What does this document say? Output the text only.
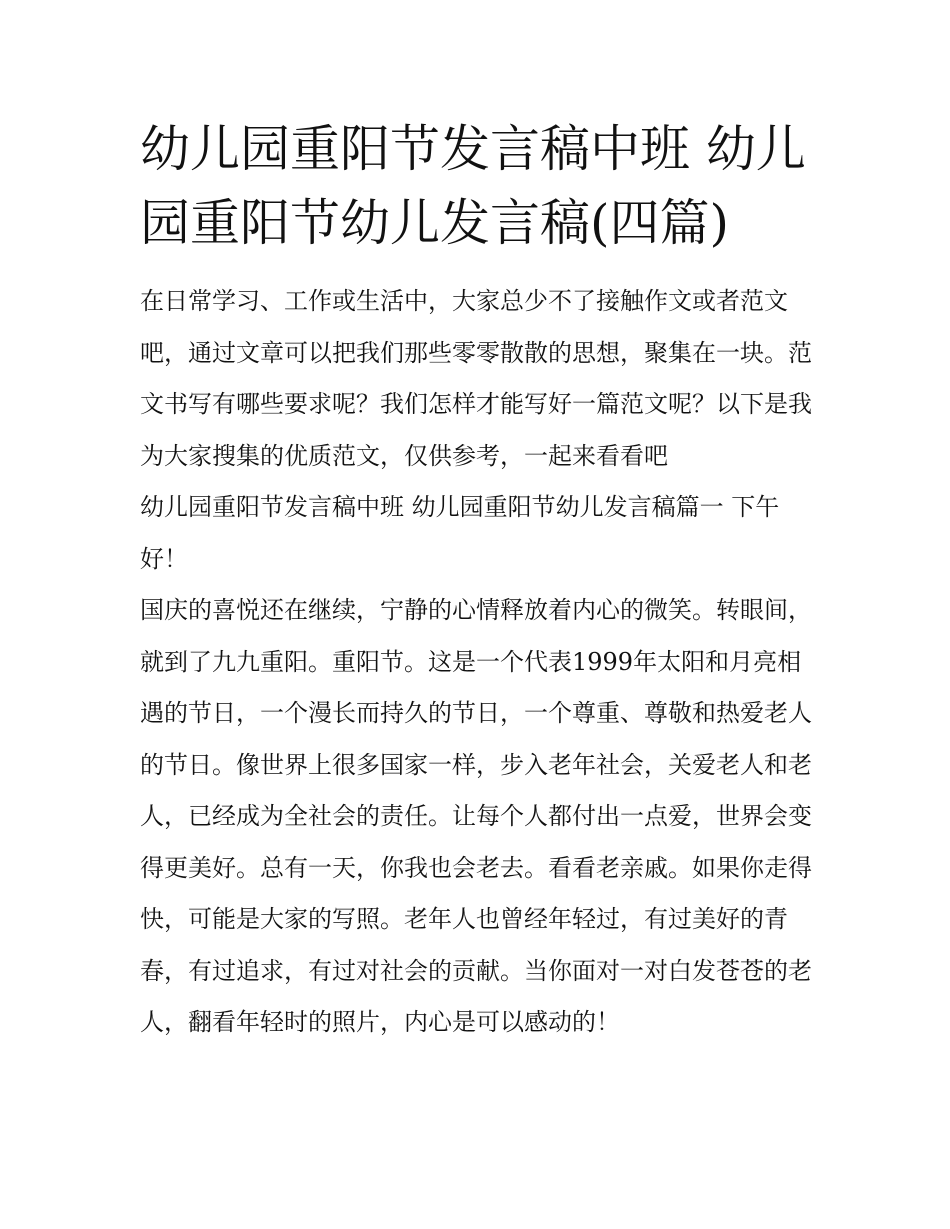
幼儿园重阳节发言稿中班 幼儿园重阳节幼儿发言稿(四篇)

在日常学习、工作或生活中，大家总少不了接触作文或者范文吧，通过文章可以把我们那些零零散散的思想，聚集在一块。范文书写有哪些要求呢？我们怎样才能写好一篇范文呢？以下是我为大家搜集的优质范文，仅供参考，一起来看看吧

幼儿园重阳节发言稿中班 幼儿园重阳节幼儿发言稿篇一 下午好！

国庆的喜悦还在继续，宁静的心情释放着内心的微笑。转眼间，就到了九九重阳。重阳节。这是一个代表1999年太阳和月亮相遇的节日，一个漫长而持久的节日，一个尊重、尊敬和热爱老人的节日。像世界上很多国家一样，步入老年社会，关爱老人和老人，已经成为全社会的责任。让每个人都付出一点爱，世界会变得更美好。总有一天，你我也会老去。看看老亲戚。如果你走得快，可能是大家的写照。老年人也曾经年轻过，有过美好的青春，有过追求，有过对社会的贡献。当你面对一对白发苍苍的老人，翻看年轻时的照片，内心是可以感动的！
